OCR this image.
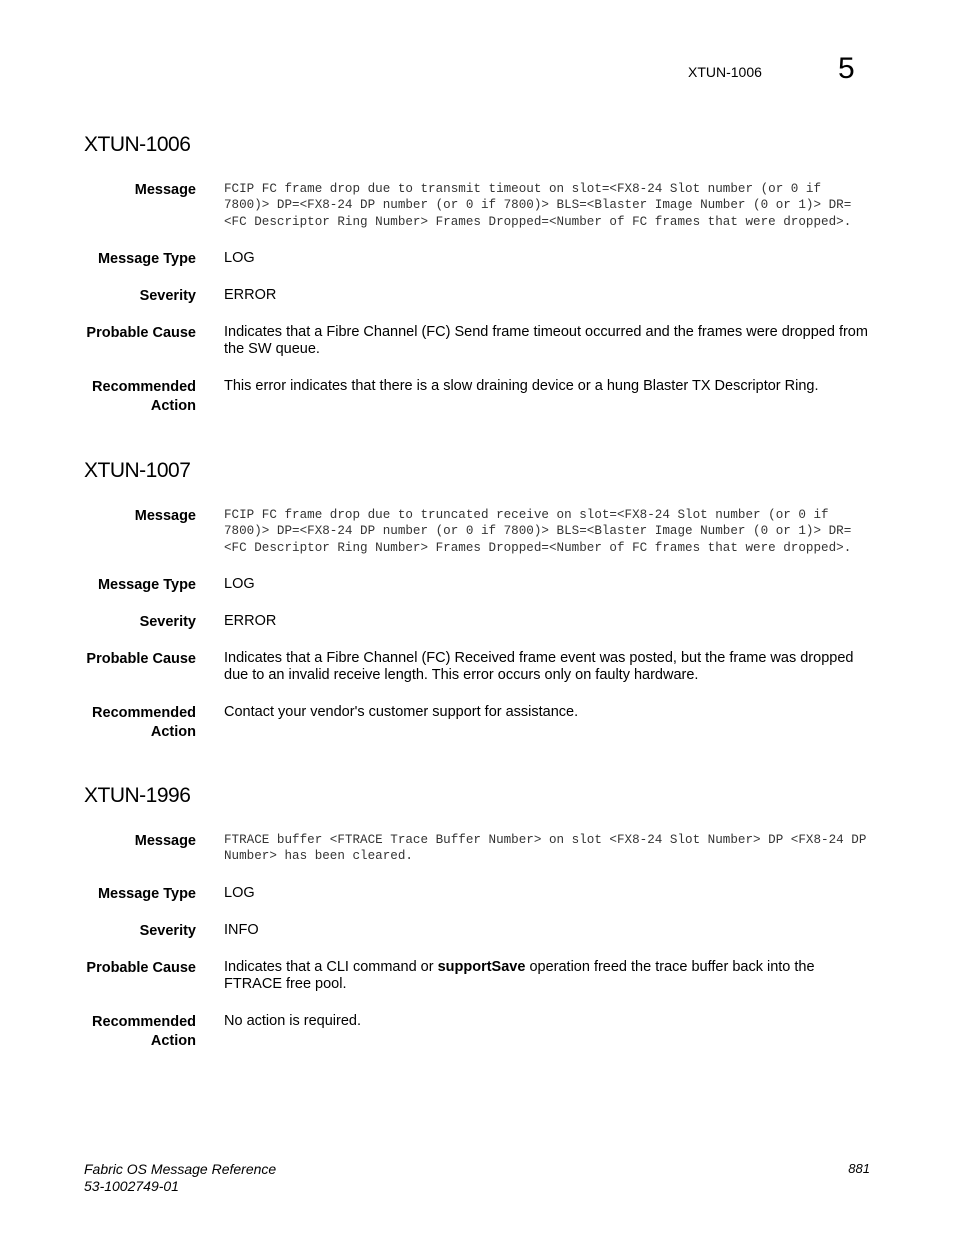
XTUN-1006	5
XTUN-1006
Message FCIP FC frame drop due to transmit timeout on slot=<FX8-24 Slot number (or 0 if 7800)> DP=<FX8-24 DP number (or 0 if 7800)> BLS=<Blaster Image Number (0 or 1)> DR=<FC Descriptor Ring Number> Frames Dropped=<Number of FC frames that were dropped>.
Message Type LOG
Severity ERROR
Probable Cause Indicates that a Fibre Channel (FC) Send frame timeout occurred and the frames were dropped from the SW queue.
Recommended
Action
This error indicates that there is a slow draining device or a hung Blaster TX Descriptor Ring.
XTUN-1007
Message FCIP FC frame drop due to truncated receive on slot=<FX8-24 Slot number (or 0 if 7800)> DP=<FX8-24 DP number (or 0 if 7800)> BLS=<Blaster Image Number (0 or 1)> DR=<FC Descriptor Ring Number> Frames Dropped=<Number of FC frames that were dropped>.
Message Type LOG
Severity ERROR
Probable Cause Indicates that a Fibre Channel (FC) Received frame event was posted, but the frame was dropped due to an invalid receive length. This error occurs only on faulty hardware.
Recommended
Action
Contact your vendor's customer support for assistance.
XTUN-1996
Message FTRACE buffer <FTRACE Trace Buffer Number> on slot <FX8-24 Slot Number> DP <FX8-24 DP Number> has been cleared.
Message Type LOG
Severity INFO
Probable Cause Indicates that a CLI command or supportSave operation freed the trace buffer back into the FTRACE free pool.
Recommended
Action
No action is required.
Fabric OS Message Reference
53-1002749-01
881
